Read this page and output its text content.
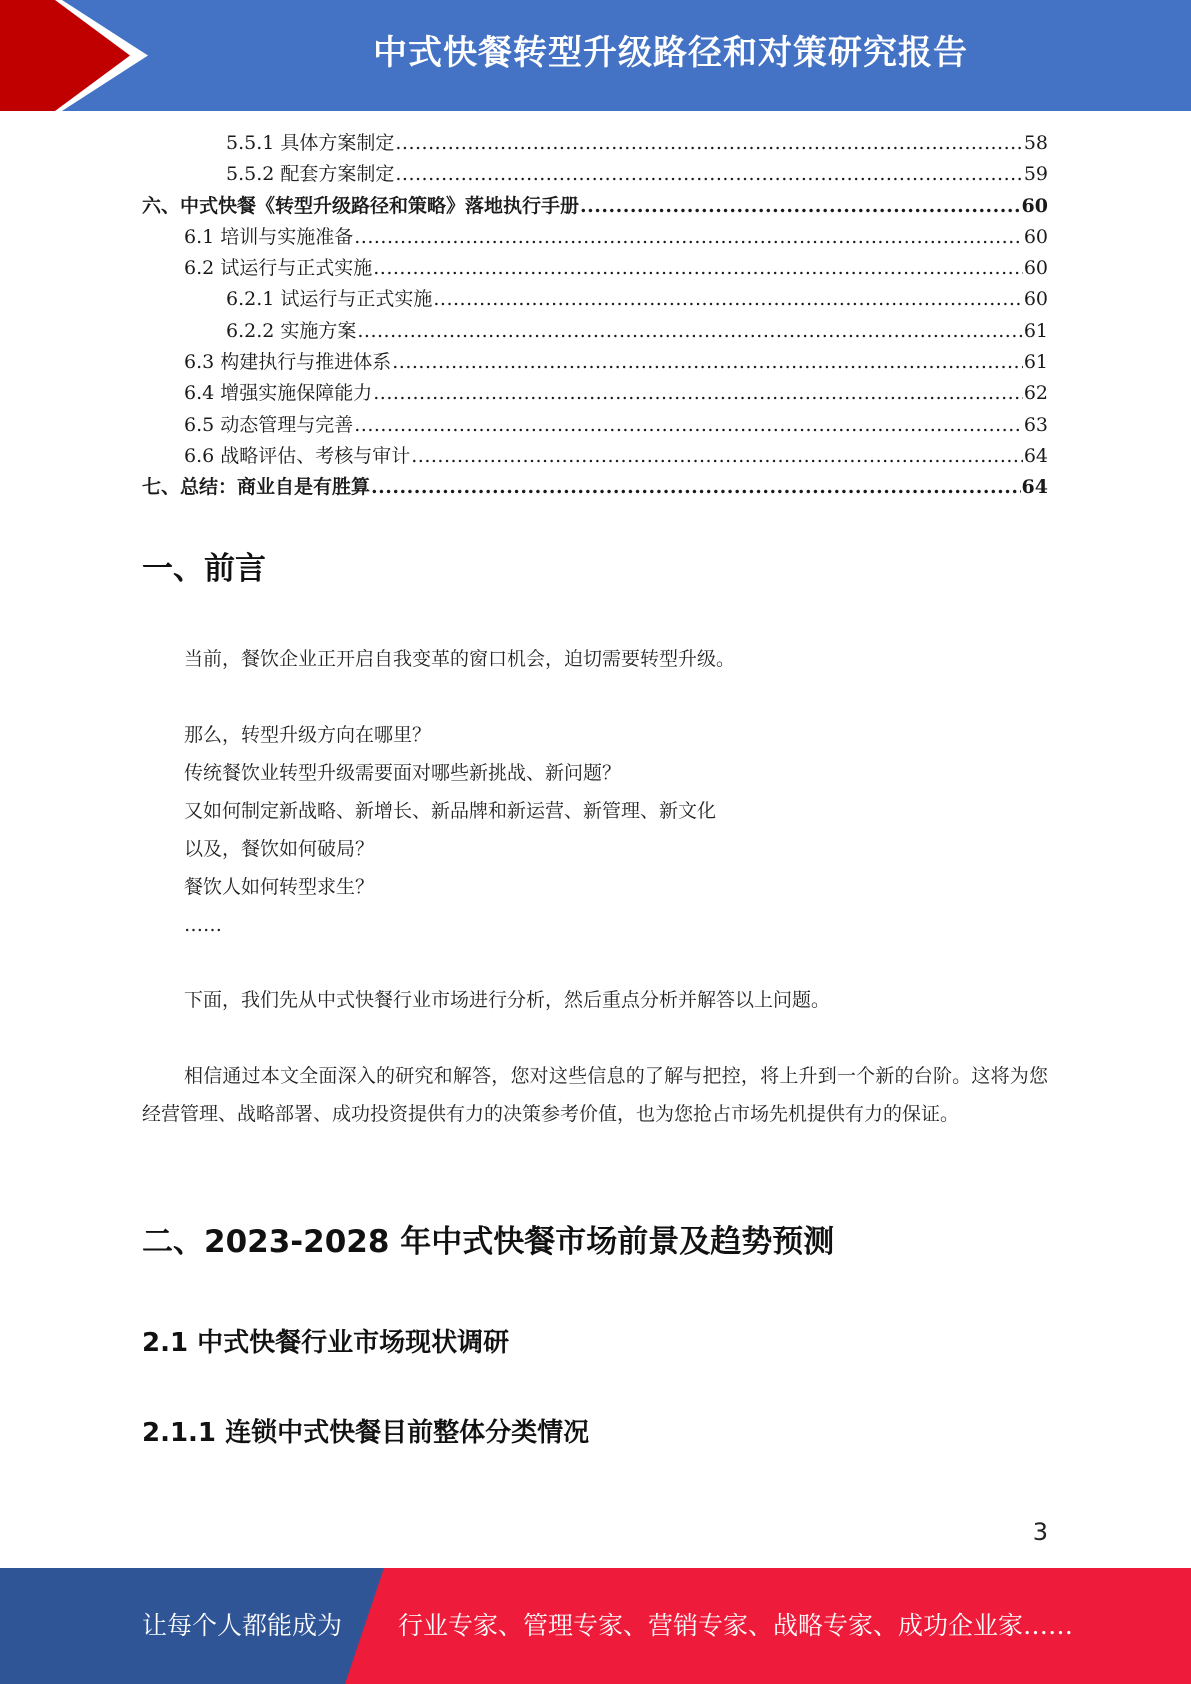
中式快餐转型升级路径和对策研究报告
5.5.1 具体方案制定 .....	58
5.5.2 配套方案制定 .....	59
六、中式快餐《转型升级路径和策略》落地执行手册 .....	60
6.1 培训与实施准备 .....	60
6.2 试运行与正式实施 .....	60
6.2.1 试运行与正式实施 .....	60
6.2.2 实施方案 .....	61
6.3 构建执行与推进体系 .....	61
6.4 增强实施保障能力 .....	62
6.5 动态管理与完善 .....	63
6.6 战略评估、考核与审计 .....	64
七、总结：商业自是有胜算 .....	64
一、前言
当前，餐饮企业正开启自我变革的窗口机会，迫切需要转型升级。
那么，转型升级方向在哪里？
传统餐饮业转型升级需要面对哪些新挑战、新问题？
又如何制定新战略、新增长、新品牌和新运营、新管理、新文化
以及，餐饮如何破局？
餐饮人如何转型求生？
……
下面，我们先从中式快餐行业市场进行分析，然后重点分析并解答以上问题。
相信通过本文全面深入的研究和解答，您对这些信息的了解与把控，将上升到一个新的台阶。这将为您经营管理、战略部署、成功投资提供有力的决策参考价值，也为您抢占市场先机提供有力的保证。
二、2023-2028 年中式快餐市场前景及趋势预测
2.1 中式快餐行业市场现状调研
2.1.1 连锁中式快餐目前整体分类情况
3
让每个人都能成为 行业专家、管理专家、营销专家、战略专家、成功企业家……
